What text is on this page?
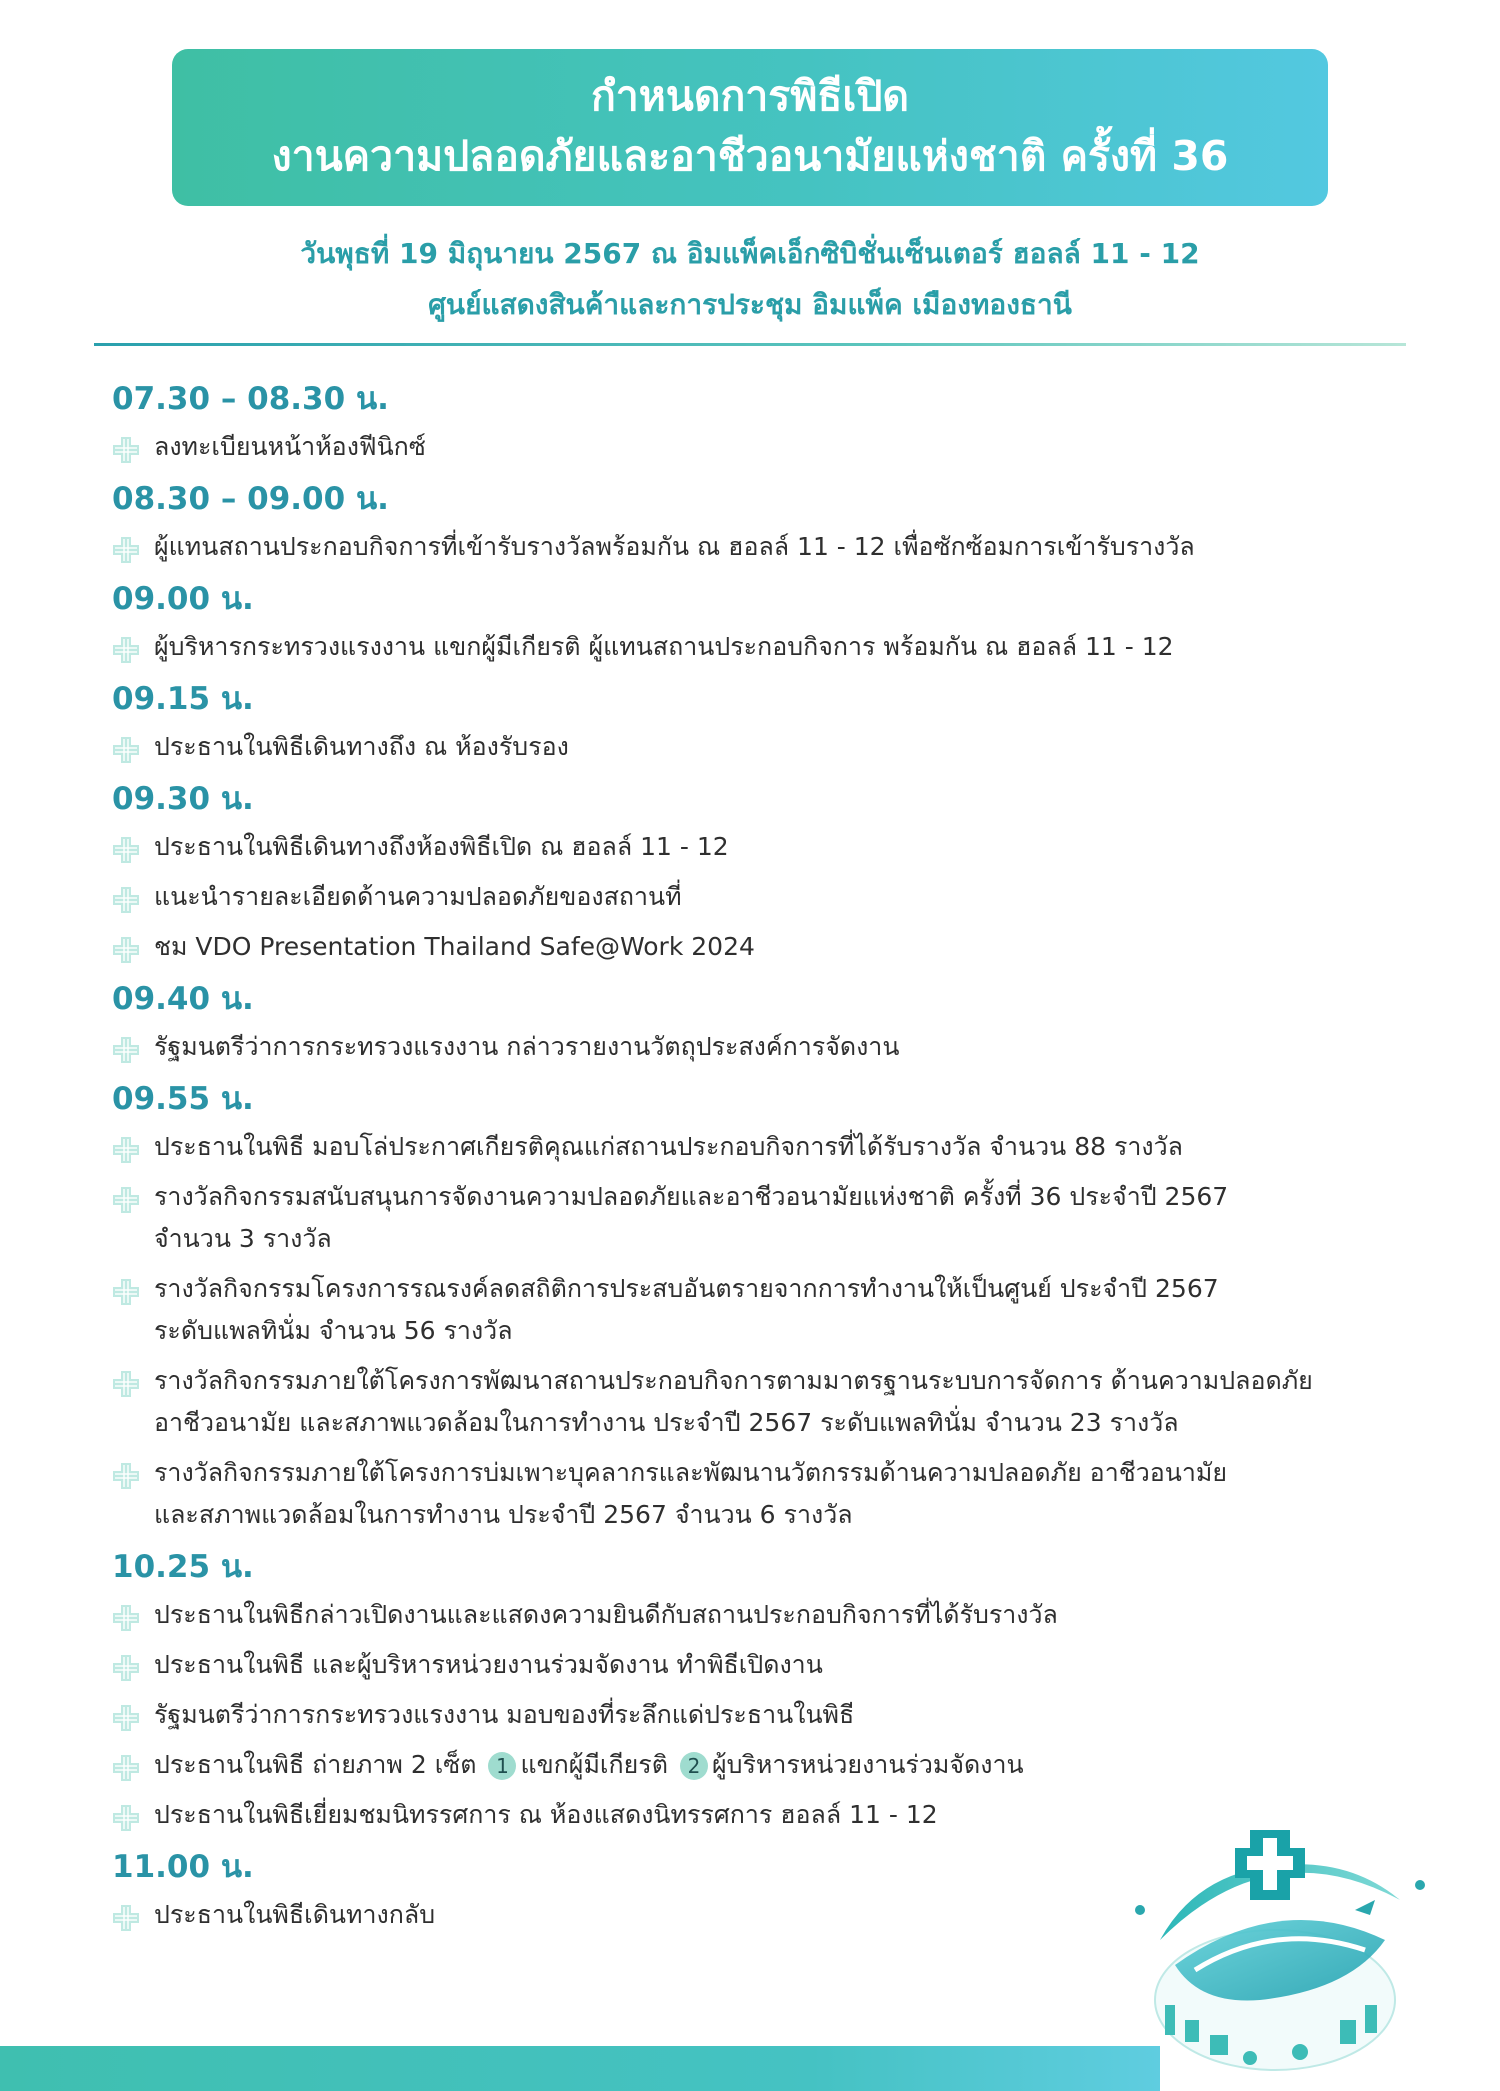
กำหนดการพิธีเปิด
งานความปลอดภัยและอาชีวอนามัยแห่งชาติ ครั้งที่ 36
วันพุธที่ 19 มิถุนายน 2567 ณ อิมแพ็คเอ็กซิบิชั่นเซ็นเตอร์ ฮอลล์ 11 - 12
ศูนย์แสดงสินค้าและการประชุม อิมแพ็ค เมืองทองธานี
07.30 – 08.30 น.
ลงทะเบียนหน้าห้องฟีนิกซ์
08.30 – 09.00 น.
ผู้แทนสถานประกอบกิจการที่เข้ารับรางวัลพร้อมกัน ณ ฮอลล์ 11 - 12 เพื่อซักซ้อมการเข้ารับรางวัล
09.00 น.
ผู้บริหารกระทรวงแรงงาน แขกผู้มีเกียรติ ผู้แทนสถานประกอบกิจการ พร้อมกัน ณ ฮอลล์ 11 - 12
09.15 น.
ประธานในพิธีเดินทางถึง ณ ห้องรับรอง
09.30 น.
ประธานในพิธีเดินทางถึงห้องพิธีเปิด ณ ฮอลล์ 11 - 12
แนะนำรายละเอียดด้านความปลอดภัยของสถานที่
ชม VDO Presentation Thailand Safe@Work 2024
09.40 น.
รัฐมนตรีว่าการกระทรวงแรงงาน กล่าวรายงานวัตถุประสงค์การจัดงาน
09.55 น.
ประธานในพิธี มอบโล่ประกาศเกียรติคุณแก่สถานประกอบกิจการที่ได้รับรางวัล จำนวน 88 รางวัล
รางวัลกิจกรรมสนับสนุนการจัดงานความปลอดภัยและอาชีวอนามัยแห่งชาติ ครั้งที่ 36 ประจำปี 2567
จำนวน 3 รางวัล
รางวัลกิจกรรมโครงการรณรงค์ลดสถิติการประสบอันตรายจากการทำงานให้เป็นศูนย์ ประจำปี 2567
ระดับแพลทินั่ม จำนวน 56 รางวัล
รางวัลกิจกรรมภายใต้โครงการพัฒนาสถานประกอบกิจการตามมาตรฐานระบบการจัดการ ด้านความปลอดภัย
อาชีวอนามัย และสภาพแวดล้อมในการทำงาน ประจำปี 2567 ระดับแพลทินั่ม จำนวน 23 รางวัล
รางวัลกิจกรรมภายใต้โครงการบ่มเพาะบุคลากรและพัฒนานวัตกรรมด้านความปลอดภัย อาชีวอนามัย
และสภาพแวดล้อมในการทำงาน ประจำปี 2567 จำนวน 6 รางวัล
10.25 น.
ประธานในพิธีกล่าวเปิดงานและแสดงความยินดีกับสถานประกอบกิจการที่ได้รับรางวัล
ประธานในพิธี และผู้บริหารหน่วยงานร่วมจัดงาน ทำพิธีเปิดงาน
รัฐมนตรีว่าการกระทรวงแรงงาน มอบของที่ระลึกแด่ประธานในพิธี
ประธานในพิธี ถ่ายภาพ 2 เซ็ต 1 แขกผู้มีเกียรติ 2 ผู้บริหารหน่วยงานร่วมจัดงาน
ประธานในพิธีเยี่ยมชมนิทรรศการ ณ ห้องแสดงนิทรรศการ ฮอลล์ 11 - 12
11.00 น.
ประธานในพิธีเดินทางกลับ
